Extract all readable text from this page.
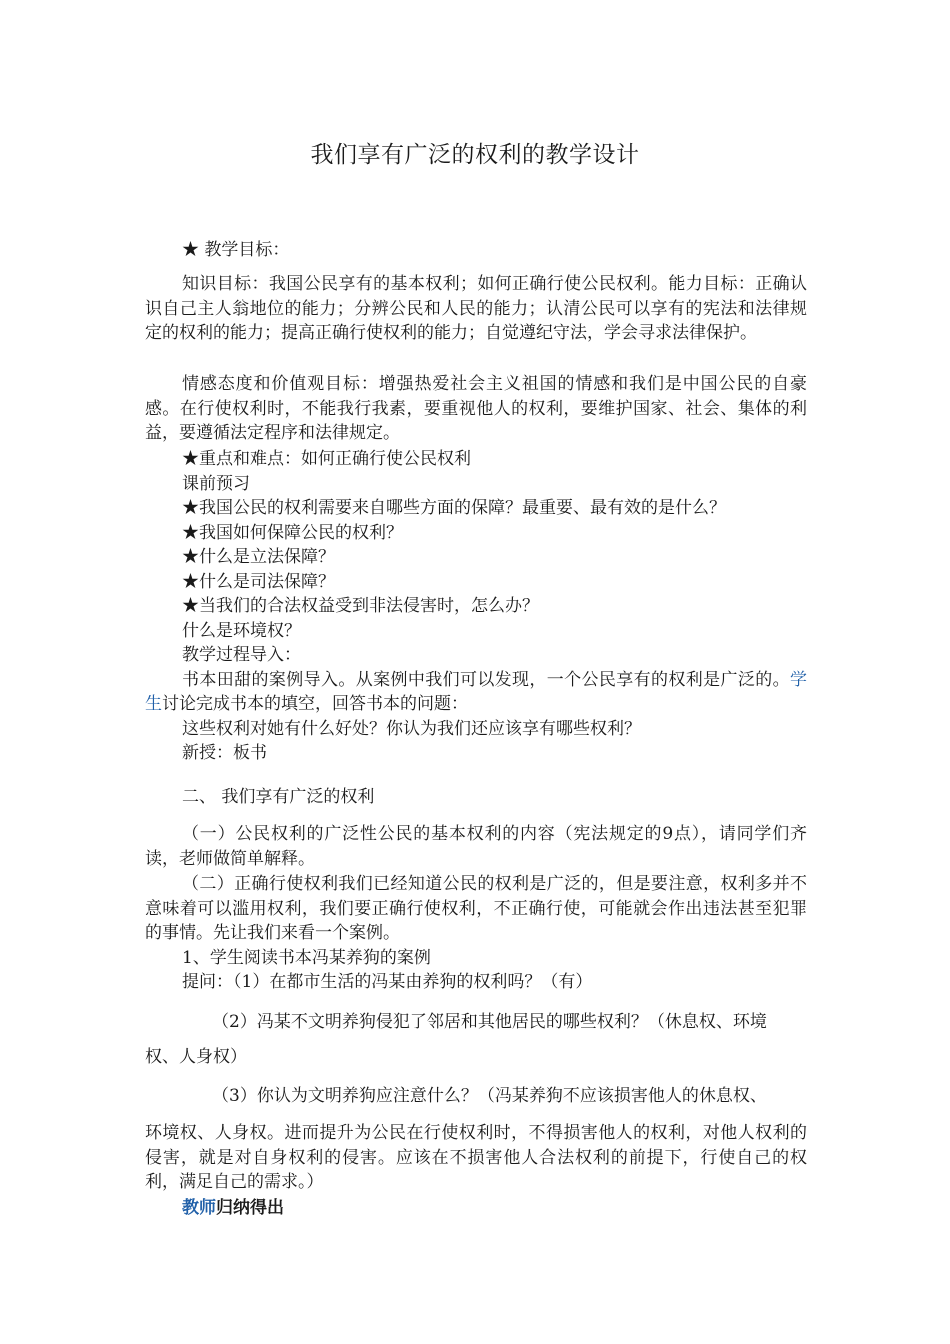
我们享有广泛的权利的教学设计
★ 教学目标：

知识目标：我国公民享有的基本权利；如何正确行使公民权利。能力目标：正确认识自己主人翁地位的能力；分辨公民和人民的能力；认清公民可以享有的宪法和法律规定的权利的能力；提高正确行使权利的能力；自觉遵纪守法，学会寻求法律保护。

情感态度和价值观目标：增强热爱社会主义祖国的情感和我们是中国公民的自豪感。在行使权利时，不能我行我素，要重视他人的权利，要维护国家、社会、集体的利益，要遵循法定程序和法律规定。

★重点和难点：如何正确行使公民权利
课前预习
★我国公民的权利需要来自哪些方面的保障？最重要、最有效的是什么？
★我国如何保障公民的权利？
★什么是立法保障？
★什么是司法保障？
★当我们的合法权益受到非法侵害时，怎么办？
什么是环境权？
教学过程导入：

书本田甜的案例导入。从案例中我们可以发现，一个公民享有的权利是广泛的。学生讨论完成书本的填空，回答书本的问题：

这些权利对她有什么好处？你认为我们还应该享有哪些权利？
新授：板书
二、 我们享有广泛的权利

（一）公民权利的广泛性公民的基本权利的内容（宪法规定的9点），请同学们齐读，老师做简单解释。

（二）正确行使权利我们已经知道公民的权利是广泛的，但是要注意，权利多并不意味着可以滥用权利，我们要正确行使权利，不正确行使，可能就会作出违法甚至犯罪的事情。先让我们来看一个案例。

1、学生阅读书本冯某养狗的案例
提问：（1）在都市生活的冯某由养狗的权利吗？（有）
（2）冯某不文明养狗侵犯了邻居和其他居民的哪些权利？（休息权、环境
权、人身权）
（3）你认为文明养狗应注意什么？（冯某养狗不应该损害他人的休息权、

环境权、人身权。进而提升为公民在行使权利时，不得损害他人的权利，对他人权利的侵害，就是对自身权利的侵害。应该在不损害他人合法权利的前提下，行使自己的权利，满足自己的需求。）

教师归纳得出
